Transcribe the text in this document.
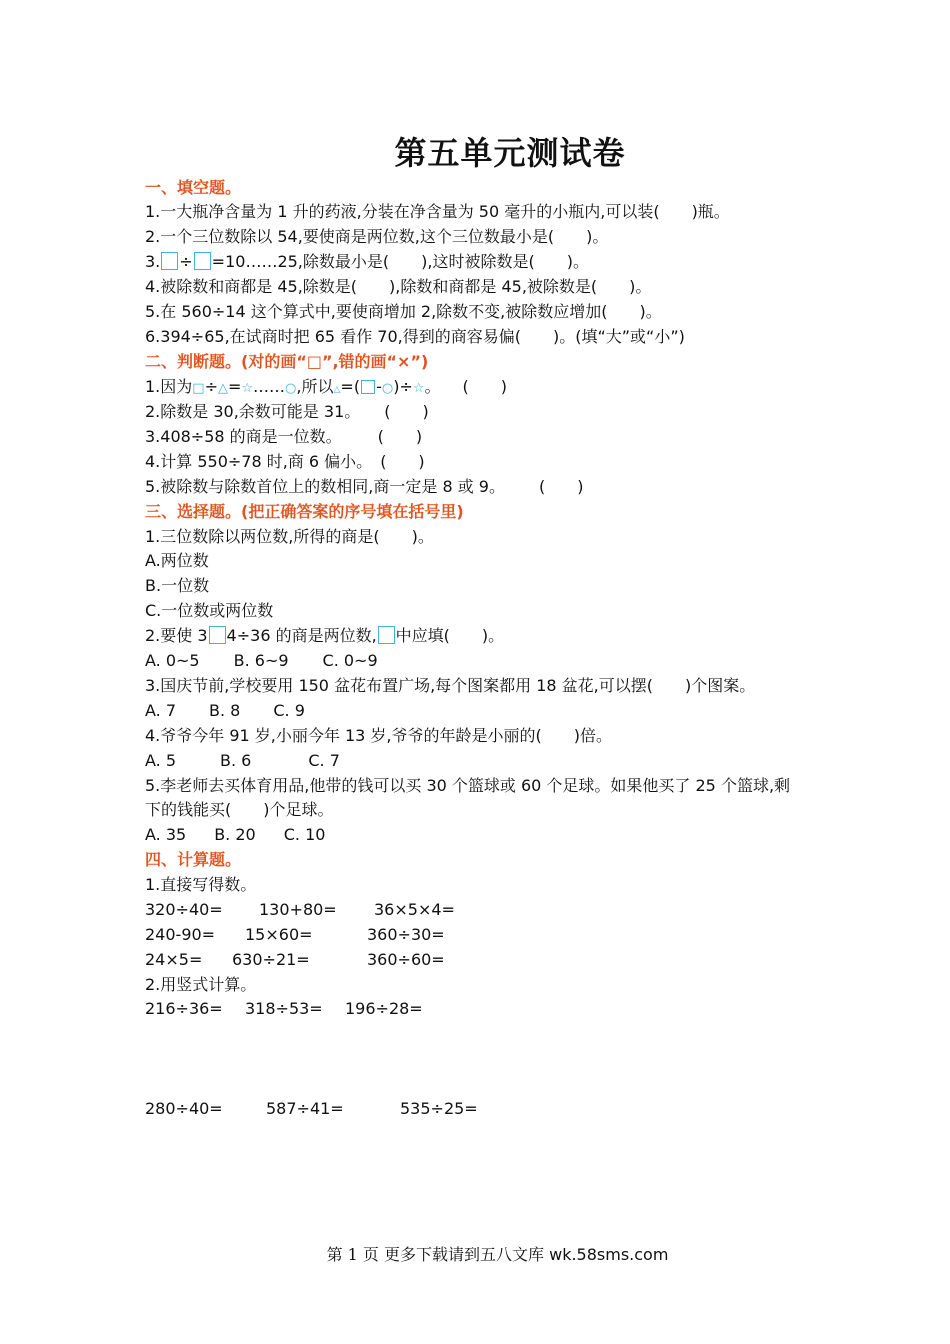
第五单元测试卷
一、填空题。
1.一大瓶净含量为 1 升的药液,分装在净含量为 50 毫升的小瓶内,可以装(　　)瓶。
2.一个三位数除以 54,要使商是两位数,这个三位数最小是(　　)。
3. ÷ =10……25,除数最小是(　　),这时被除数是(　　)。
4.被除数和商都是 45,除数是(　　),除数和商都是 45,被除数是(　　)。
5.在 560÷14 这个算式中,要使商增加 2,除数不变,被除数应增加(　　)。
6.394÷65,在试商时把 65 看作 70,得到的商容易偏(　　)。(填“大”或“小”)
二、判断题。(对的画“□”,错的画“×”)
1.因为□÷△=☆……○,所以△=( -○)÷☆。 (　　)
2.除数是 30,余数可能是 31。 (　　)
3.408÷58 的商是一位数。 (　　)
4.计算 550÷78 时,商 6 偏小。 (　　)
5.被除数与除数首位上的数相同,商一定是 8 或 9。 (　　)
三、选择题。(把正确答案的序号填在括号里)
1.三位数除以两位数,所得的商是(　　)。
A.两位数
B.一位数
C.一位数或两位数
2.要使 3 4÷36 的商是两位数, 中应填(　　)。
A. 0~5 B. 6~9 C. 0~9
3.国庆节前,学校要用 150 盆花布置广场,每个图案都用 18 盆花,可以摆(　　)个图案。
A. 7 B. 8 C. 9
4.爷爷今年 91 岁,小丽今年 13 岁,爷爷的年龄是小丽的(　　)倍。
A. 5	B. 6	C. 7
5.李老师去买体育用品,他带的钱可以买 30 个篮球或 60 个足球。如果他买了 25 个篮球,剩
下的钱能买(　　)个足球。
A. 35 B. 20 C. 10
四、计算题。
1.直接写得数。
320÷40= 130+80= 36×5×4=
240-90= 15×60=	360÷30=
24×5= 630÷21=	360÷60=
2.用竖式计算。
216÷36= 318÷53= 196÷28=
280÷40=	587÷41=	535÷25=
第 1 页 更多下载请到五八文库 wk.58sms.com
